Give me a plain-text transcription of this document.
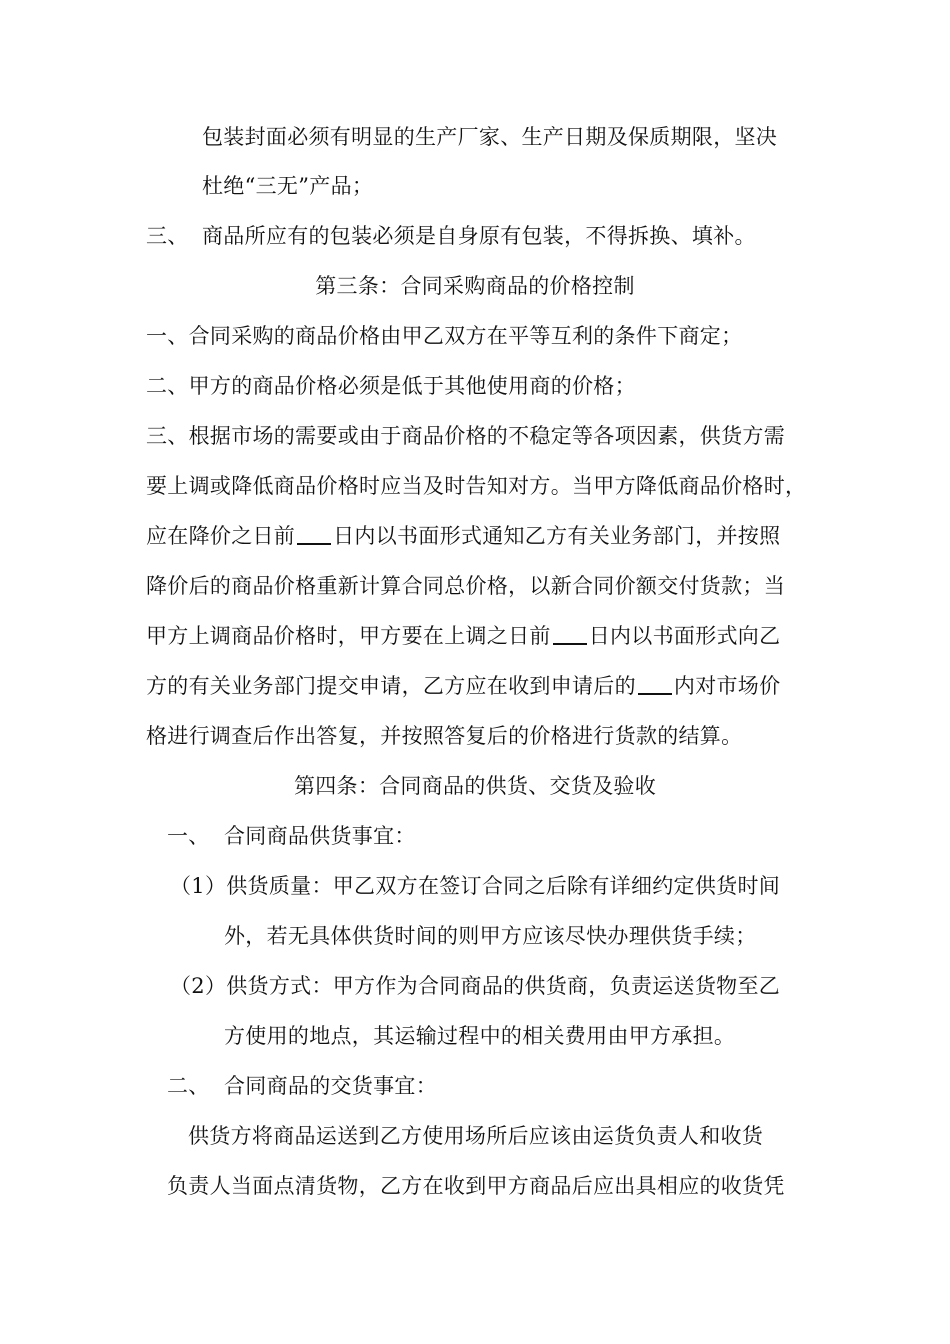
包装封面必须有明显的生产厂家、生产日期及保质期限，坚决
杜绝“三无”产品；
三、 商品所应有的包装必须是自身原有包装，不得拆换、填补。
第三条：合同采购商品的价格控制
一、合同采购的商品价格由甲乙双方在平等互利的条件下商定；
二、甲方的商品价格必须是低于其他使用商的价格；
三、根据市场的需要或由于商品价格的不稳定等各项因素，供货方需
要上调或降低商品价格时应当及时告知对方。当甲方降低商品价格时，
应在降价之日前 日内以书面形式通知乙方有关业务部门，并按照
降价后的商品价格重新计算合同总价格，以新合同价额交付货款；当
甲方上调商品价格时，甲方要在上调之日前 日内以书面形式向乙
方的有关业务部门提交申请，乙方应在收到申请后的 内对市场价
格进行调查后作出答复，并按照答复后的价格进行货款的结算。
第四条：合同商品的供货、交货及验收
一、 合同商品供货事宜：
（1）供货质量：甲乙双方在签订合同之后除有详细约定供货时间
外，若无具体供货时间的则甲方应该尽快办理供货手续；
（2）供货方式：甲方作为合同商品的供货商，负责运送货物至乙
方使用的地点，其运输过程中的相关费用由甲方承担。
二、 合同商品的交货事宜：
供货方将商品运送到乙方使用场所后应该由运货负责人和收货
负责人当面点清货物，乙方在收到甲方商品后应出具相应的收货凭
